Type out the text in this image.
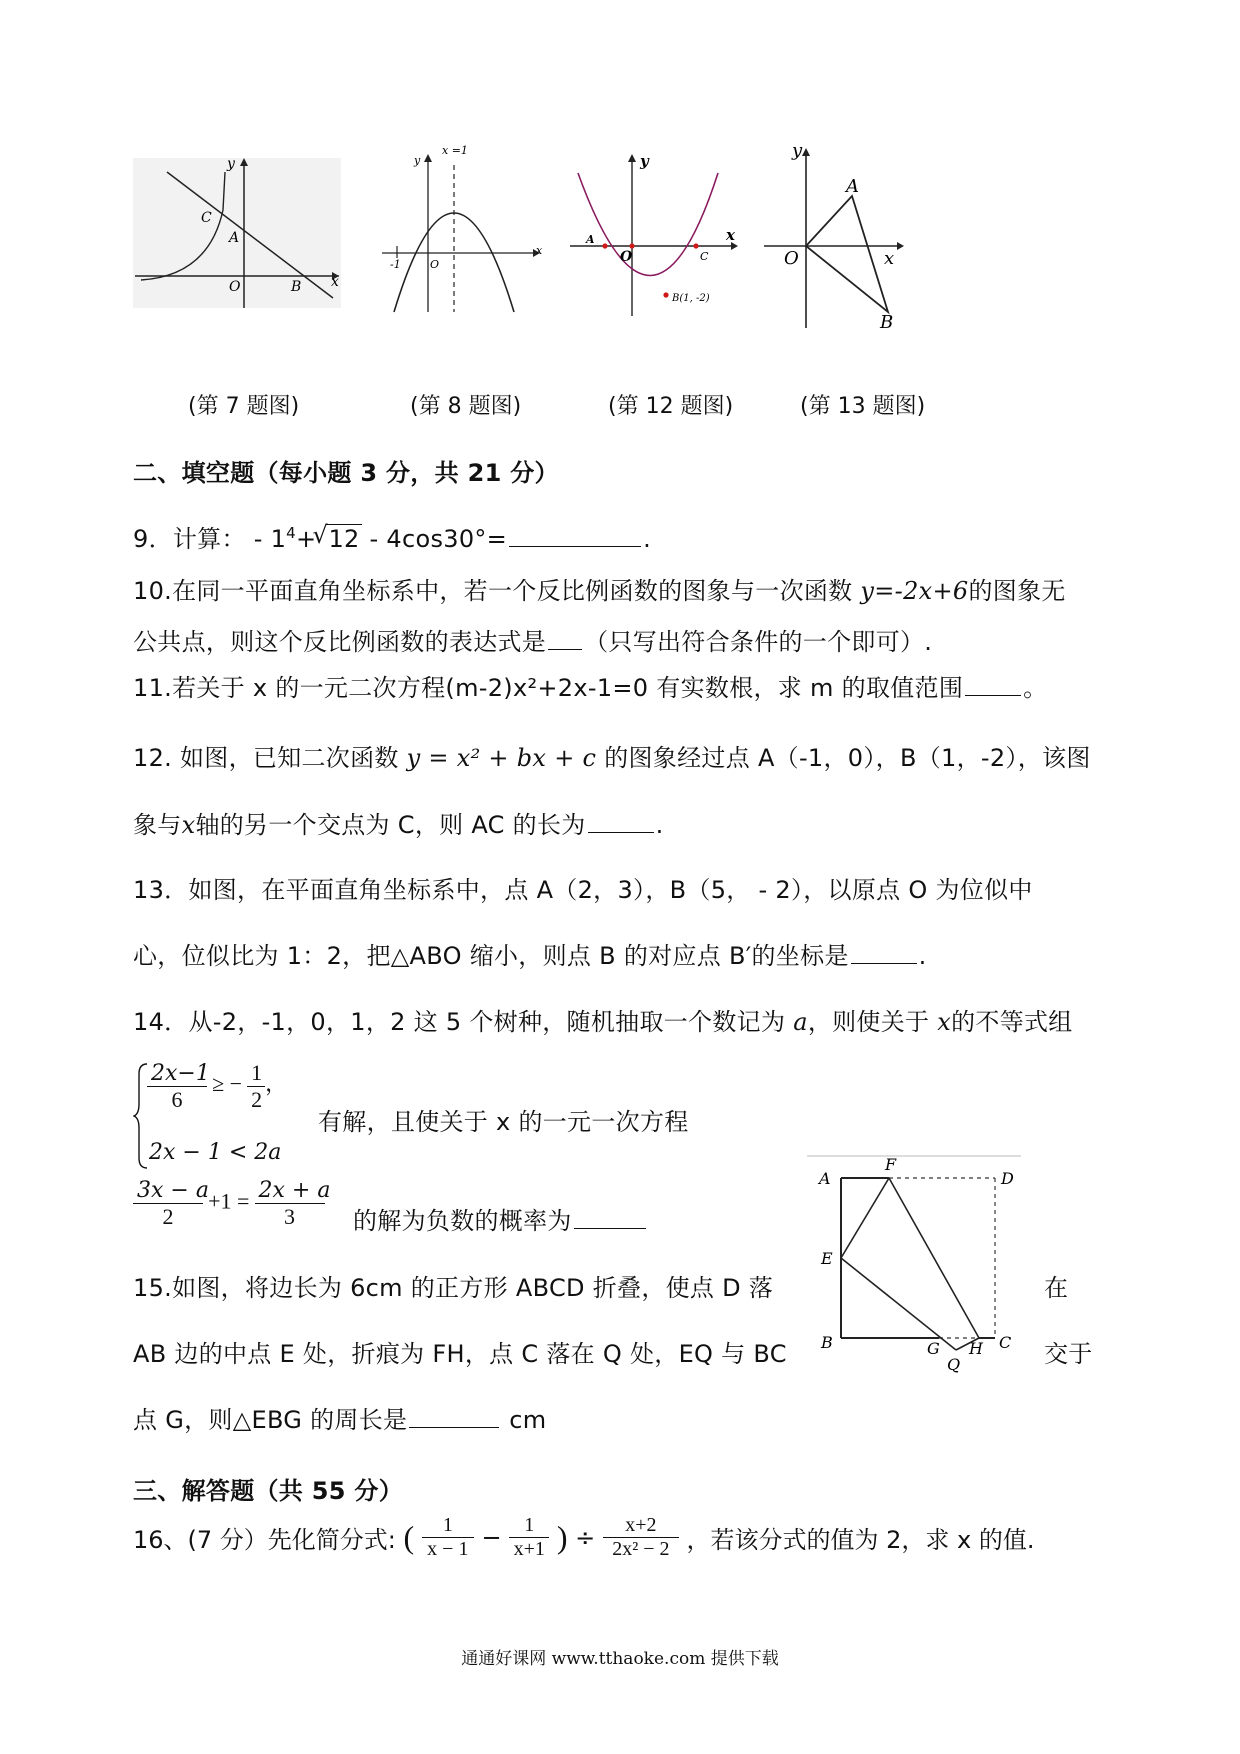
y
x
C
A
O	B
(第 7 题图)
y
x
x =1
-1	O
(第 8 题图)
y
x
A
O	C
B​(1, -2)
(第 12 题图)
y
x
A
O
B
(第 13 题图)
二、填空题（每小题 3 分，共 21 分）
9．计算： - $1^4+$
√ 12 - 4cos30°=	.
10.在同一平面直角坐标系中，若一个反比例函数的图象与一次函数 y=-2x+6的图象无
公共点，则这个反比例函数的表达式是 （只写出符合条件的一个即可）.
11.若关于 x 的一元二次方程(m-2)x²+2x-1=0 有实数根，求 m 的取值范围	。
12. 如图，已知二次函数 y = x² + bx + c 的图象经过点 A（-1，0），B（1，-2），该图
象与x轴的另一个交点为 C，则 AC 的长为	.
13．如图，在平面直角坐标系中，点 A（2，3），B（5， - 2），以原点 O 为位似中
心，位似比为 1：2，把△ABO 缩小，则点 B 的对应点 B′的坐标是	.
14．从-2，-1，0，1，2 这 5 个树种，随机抽取一个数记为 a，则使关于 x的不等式组
$\frac{2x-1}{6}$ ≥ − $\frac{1}{2}$ ，
2x − 1 < 2a
有解，且使关于 x 的一元一次方程
$\frac{3x - a}{2} +1 = \frac{2x + a}{3}$ 的解为负数的概率为
A
F
D
E
B	G
Q
H C
15.如图，将边长为 6cm 的正方形 ABCD 折叠，使点 D 落	在
AB 边的中点 E 处，折痕为 FH，点 C 落在 Q 处，EQ 与 BC	交于
点 G，则△EBG 的周长是	cm
三、解答题（共 55 分）
16、(7 分）先化简分式: ( $\frac{1}{x - 1} - \frac{1}{x+1}$ ) ÷ $\frac{x+2}{\text{2x² − 2}}$ ，若该分式的值为 2，求 x 的值.
通通好课网 www.tthaoke.com 提供下载
